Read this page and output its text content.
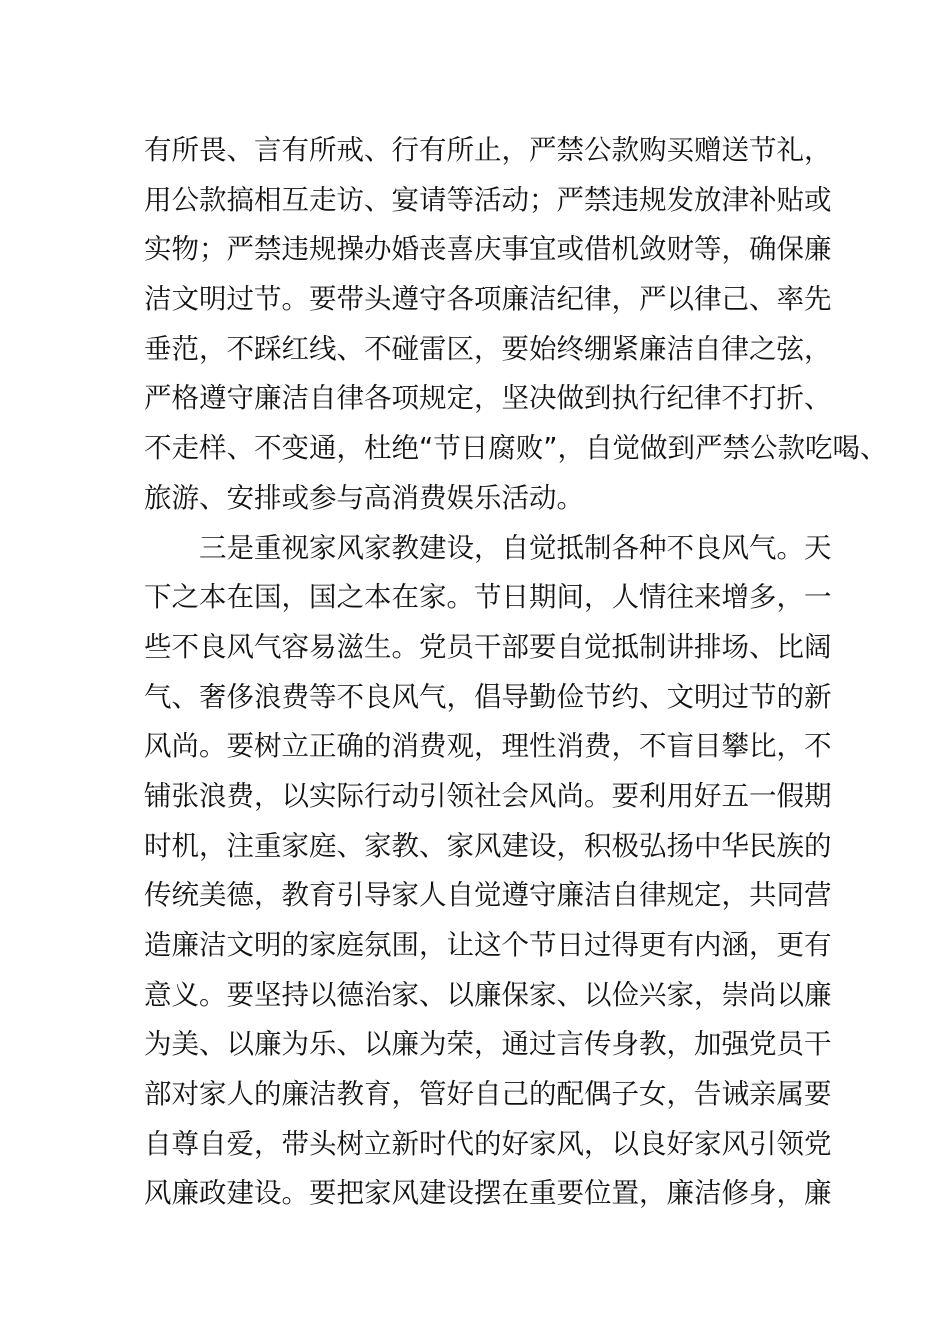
有所畏、言有所戒、行有所止，严禁公款购买赠送节礼，
用公款搞相互走访、宴请等活动；严禁违规发放津补贴或
实物；严禁违规操办婚丧喜庆事宜或借机敛财等，确保廉
洁文明过节。要带头遵守各项廉洁纪律，严以律己、率先
垂范，不踩红线、不碰雷区，要始终绷紧廉洁自律之弦，
严格遵守廉洁自律各项规定，坚决做到执行纪律不打折、
不走样、不变通，杜绝“节日腐败”，自觉做到严禁公款吃喝、
旅游、安排或参与高消费娱乐活动。
三是重视家风家教建设，自觉抵制各种不良风气。天
下之本在国，国之本在家。节日期间，人情往来增多，一
些不良风气容易滋生。党员干部要自觉抵制讲排场、比阔
气、奢侈浪费等不良风气，倡导勤俭节约、文明过节的新
风尚。要树立正确的消费观，理性消费，不盲目攀比，不
铺张浪费，以实际行动引领社会风尚。要利用好五一假期
时机，注重家庭、家教、家风建设，积极弘扬中华民族的
传统美德，教育引导家人自觉遵守廉洁自律规定，共同营
造廉洁文明的家庭氛围，让这个节日过得更有内涵，更有
意义。要坚持以德治家、以廉保家、以俭兴家，崇尚以廉
为美、以廉为乐、以廉为荣，通过言传身教，加强党员干
部对家人的廉洁教育，管好自己的配偶子女，告诫亲属要
自尊自爱，带头树立新时代的好家风，以良好家风引领党
风廉政建设。要把家风建设摆在重要位置，廉洁修身，廉
